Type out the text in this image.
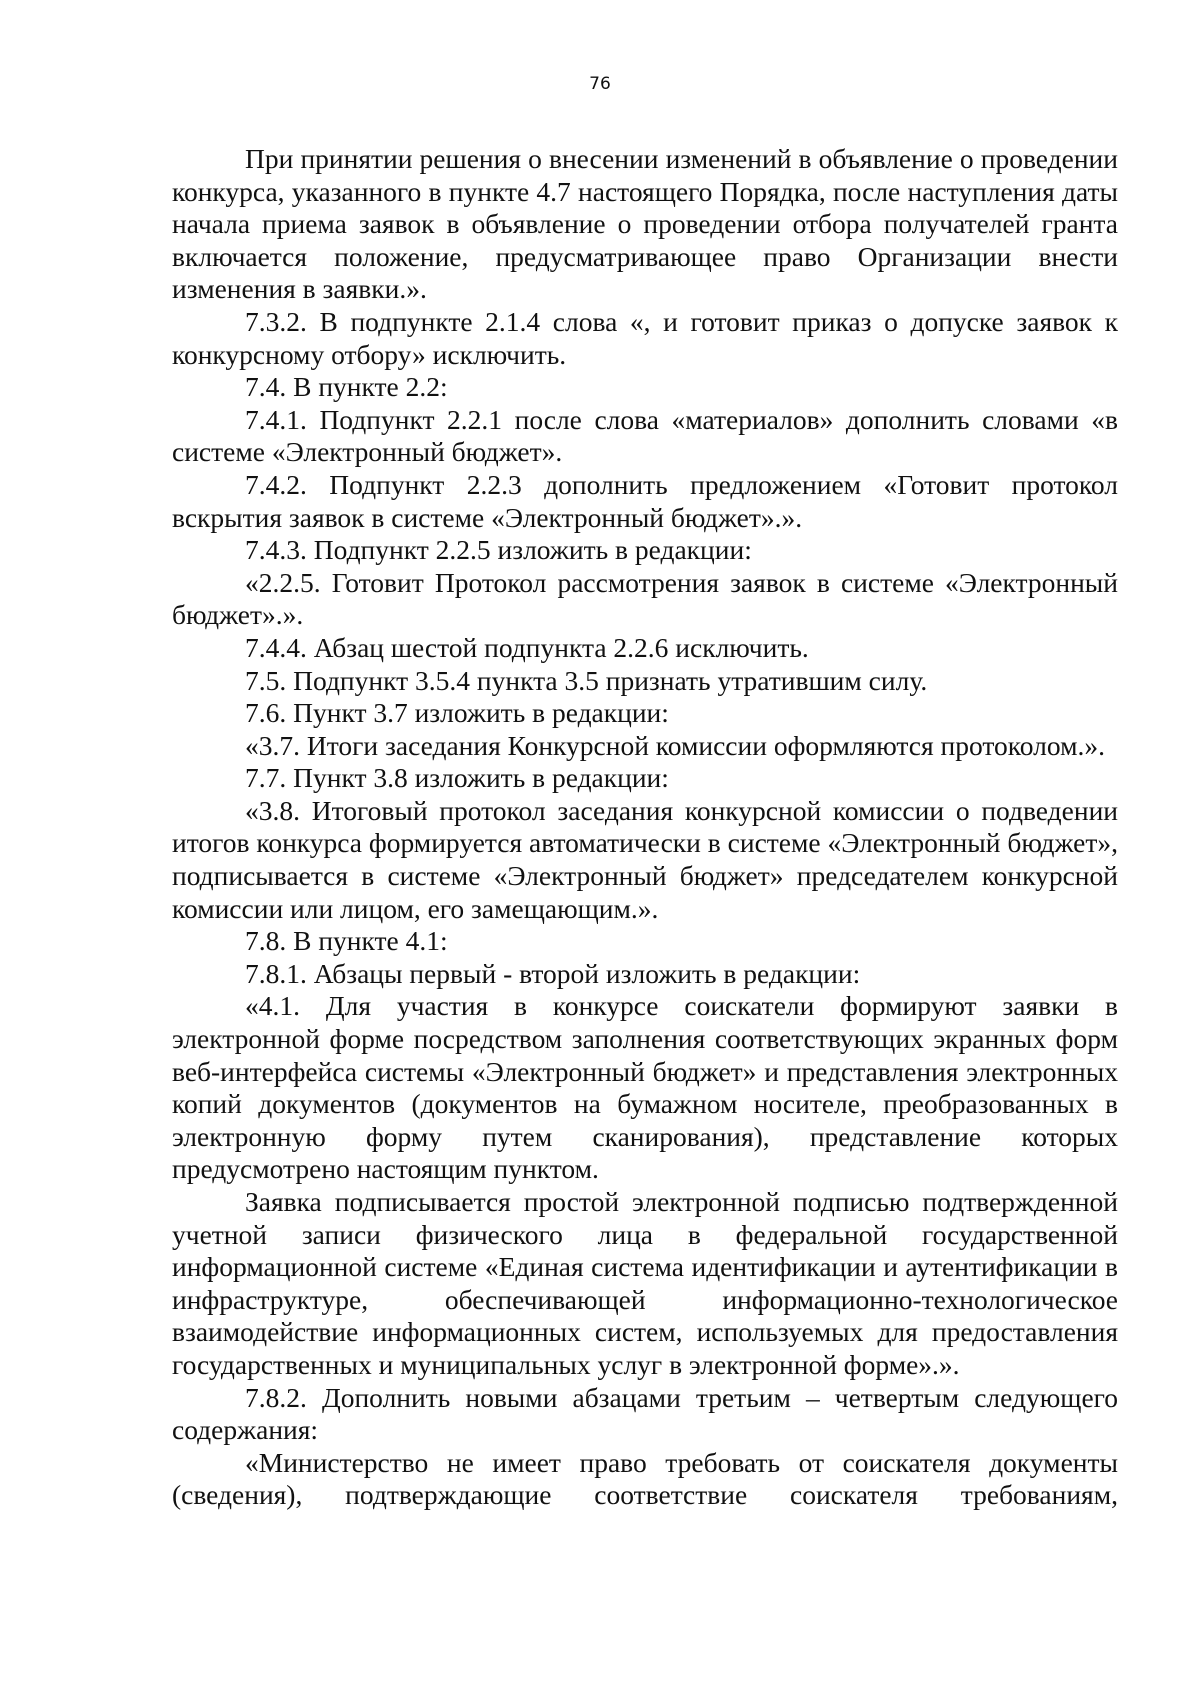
76

При принятии решения о внесении изменений в объявление о проведении конкурса, указанного в пункте 4.7 настоящего Порядка, после наступления даты начала приема заявок в объявление о проведении отбора получателей гранта включается положение, предусматривающее право Организации внести изменения в заявки.».

7.3.2. В подпункте 2.1.4 слова «, и готовит приказ о допуске заявок к конкурсному отбору» исключить.

7.4. В пункте 2.2:

7.4.1. Подпункт 2.2.1 после слова «материалов» дополнить словами «в системе «Электронный бюджет».

7.4.2. Подпункт 2.2.3 дополнить предложением «Готовит протокол вскрытия заявок в системе «Электронный бюджет».».

7.4.3. Подпункт 2.2.5 изложить в редакции:

«2.2.5. Готовит Протокол рассмотрения заявок в системе «Электронный бюджет».».

7.4.4. Абзац шестой подпункта 2.2.6 исключить.

7.5. Подпункт 3.5.4 пункта 3.5 признать утратившим силу.

7.6. Пункт 3.7 изложить в редакции:

«3.7. Итоги заседания Конкурсной комиссии оформляются протоколом.».

7.7. Пункт 3.8 изложить в редакции:

«3.8. Итоговый протокол заседания конкурсной комиссии о подведении итогов конкурса формируется автоматически в системе «Электронный бюджет», подписывается в системе «Электронный бюджет» председателем конкурсной комиссии или лицом, его замещающим.».

7.8. В пункте 4.1:

7.8.1. Абзацы первый - второй изложить в редакции:

«4.1. Для участия в конкурсе соискатели формируют заявки в электронной форме посредством заполнения соответствующих экранных форм веб-интерфейса системы «Электронный бюджет» и представления электронных копий документов (документов на бумажном носителе, преобразованных в электронную форму путем сканирования), представление которых предусмотрено настоящим пунктом.

Заявка подписывается простой электронной подписью подтвержденной учетной записи физического лица в федеральной государственной информационной системе «Единая система идентификации и аутентификации в инфраструктуре, обеспечивающей информационно-технологическое взаимодействие информационных систем, используемых для предоставления государственных и муниципальных услуг в электронной форме».».

7.8.2. Дополнить новыми абзацами третьим – четвертым следующего содержания:

«Министерство не имеет право требовать от соискателя документы (сведения), подтверждающие соответствие соискателя требованиям,
